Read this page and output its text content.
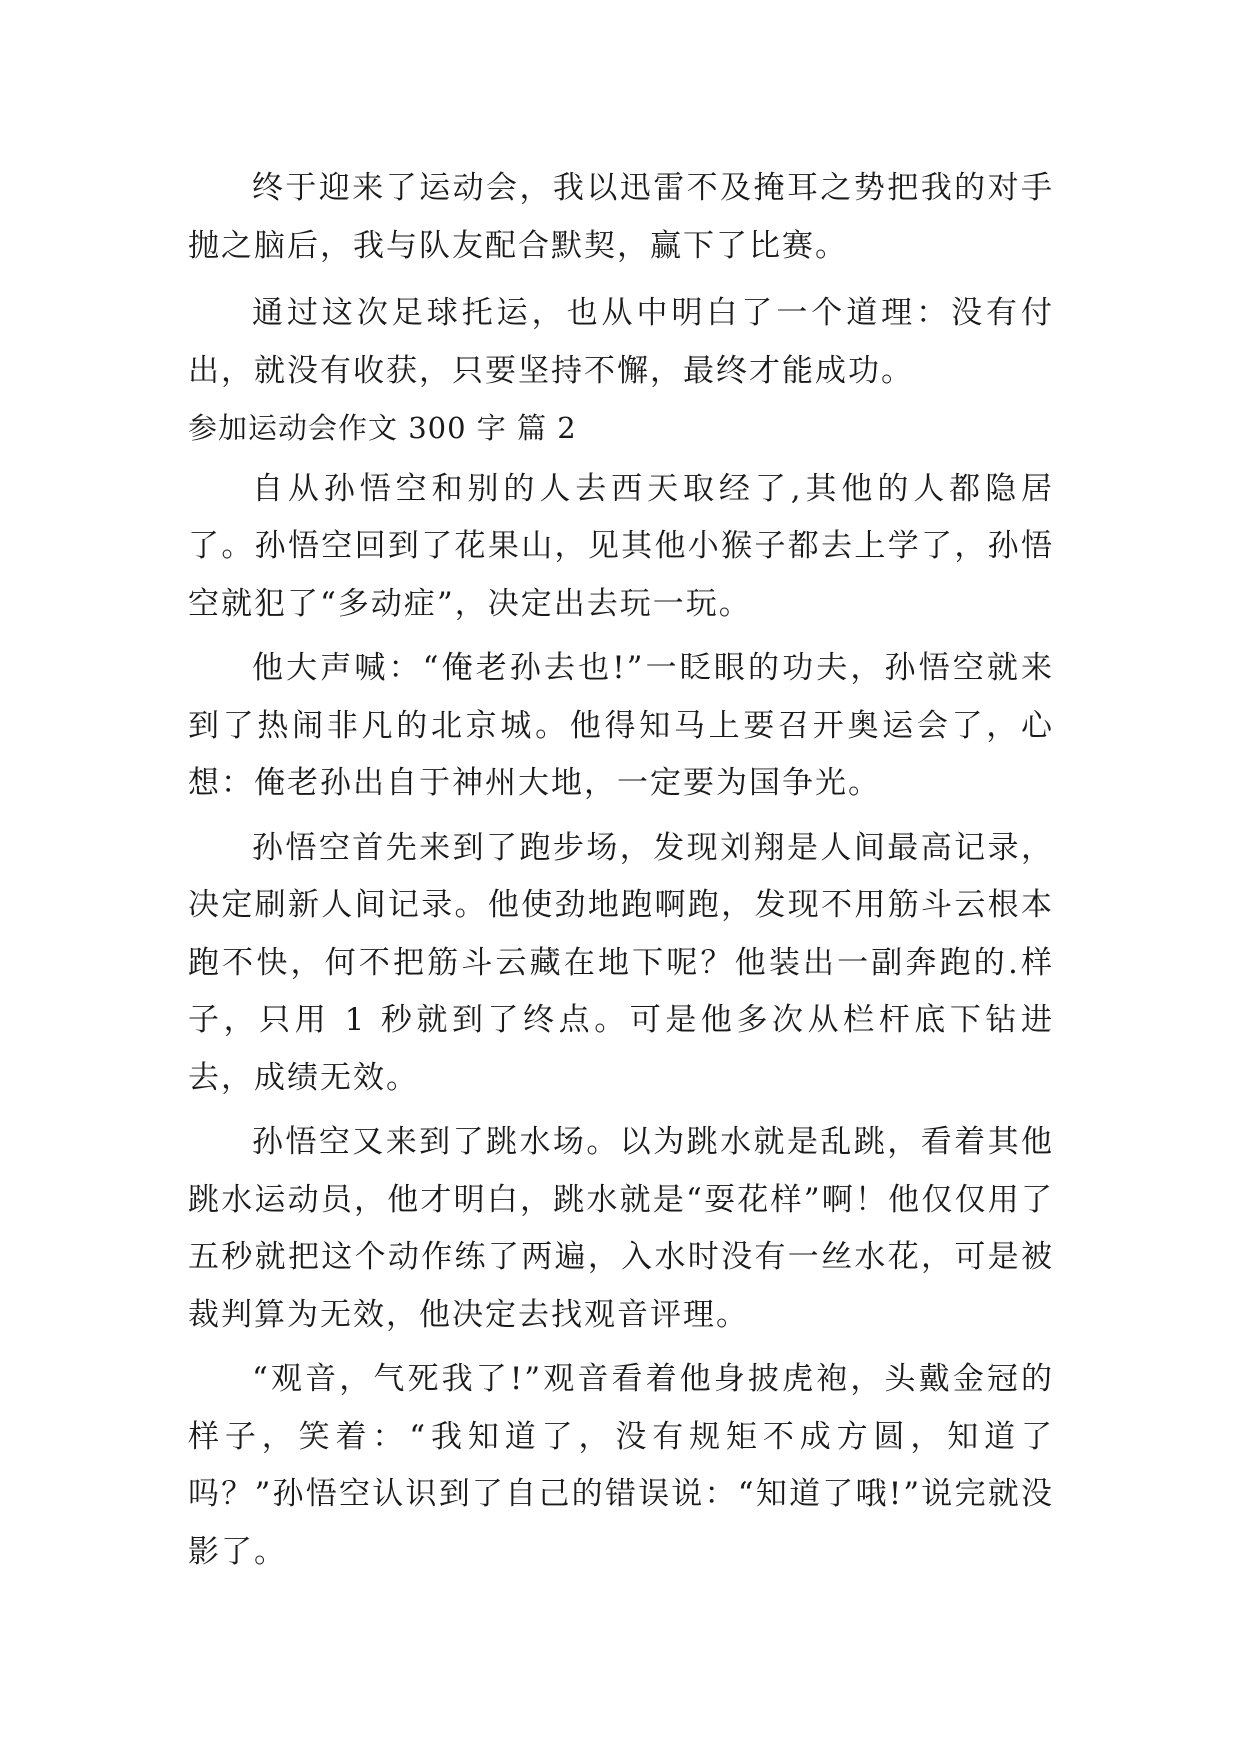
终于迎来了运动会，我以迅雷不及掩耳之势把我的对手抛之脑后，我与队友配合默契，赢下了比赛。

通过这次足球托运，也从中明白了一个道理：没有付出，就没有收获，只要坚持不懈，最终才能成功。

参加运动会作文 300 字 篇 2

自从孙悟空和别的人去西天取经了,其他的人都隐居了。孙悟空回到了花果山，见其他小猴子都去上学了，孙悟空就犯了“多动症”，决定出去玩一玩。

他大声喊：“俺老孙去也!”一眨眼的功夫，孙悟空就来到了热闹非凡的北京城。他得知马上要召开奥运会了，心想：俺老孙出自于神州大地，一定要为国争光。

孙悟空首先来到了跑步场，发现刘翔是人间最高记录，决定刷新人间记录。他使劲地跑啊跑，发现不用筋斗云根本跑不快，何不把筋斗云藏在地下呢？他装出一副奔跑的.样子，只用 1 秒就到了终点。可是他多次从栏杆底下钻进去，成绩无效。

孙悟空又来到了跳水场。以为跳水就是乱跳，看着其他跳水运动员，他才明白，跳水就是“耍花样”啊！他仅仅用了五秒就把这个动作练了两遍，入水时没有一丝水花，可是被裁判算为无效，他决定去找观音评理。

“观音，气死我了!”观音看着他身披虎袍，头戴金冠的样子，笑着：“我知道了，没有规矩不成方圆，知道了吗？”孙悟空认识到了自己的错误说：“知道了哦!”说完就没影了。
